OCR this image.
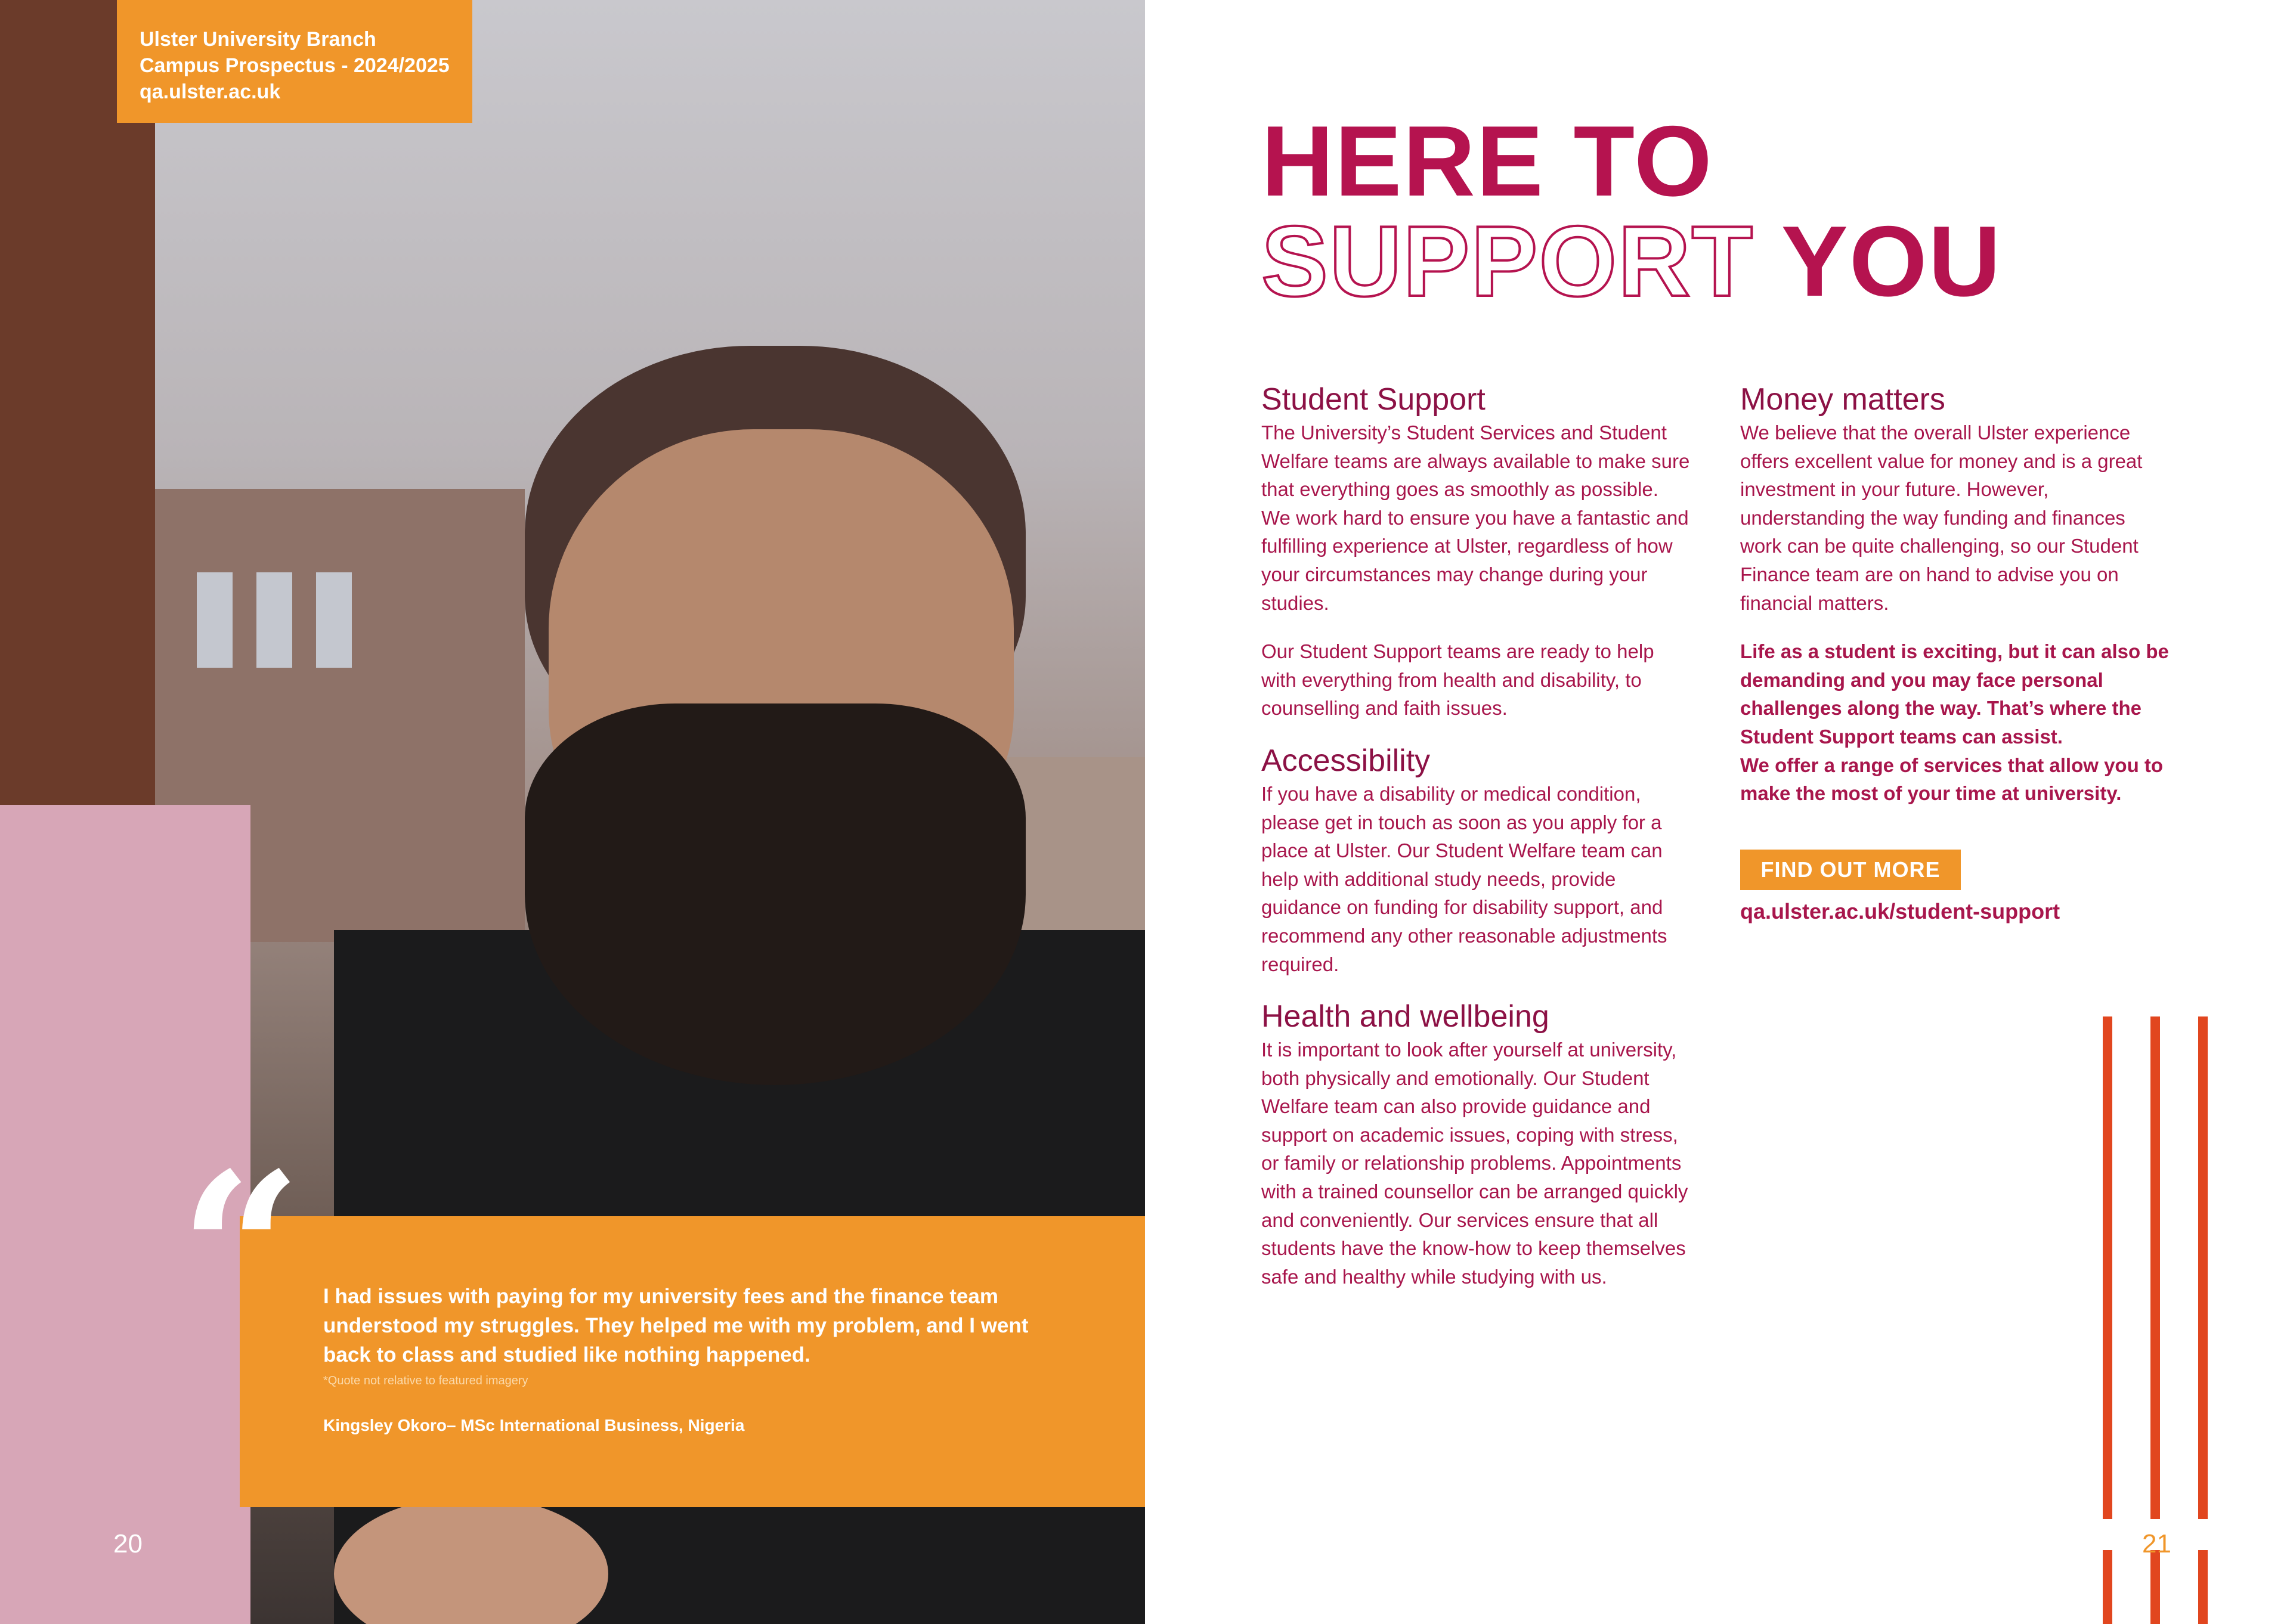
Ulster University Branch
Campus Prospectus - 2024/2025
qa.ulster.ac.uk
I had issues with paying for my university fees and the finance team understood my struggles. They helped me with my problem, and I went back to class and studied like nothing happened.
*Quote not relative to featured imagery
Kingsley Okoro– MSc International Business, Nigeria
“
20
HERE TO
SUPPORT YOU
Student Support

The University’s Student Services and Student Welfare teams are always available to make sure that everything goes as smoothly as possible. We work hard to ensure you have a fantastic and fulfilling experience at Ulster, regardless of how your circumstances may change during your studies.

Our Student Support teams are ready to help with everything from health and disability, to counselling and faith issues.

Accessibility

If you have a disability or medical condition, please get in touch as soon as you apply for a place at Ulster. Our Student Welfare team can help with additional study needs, provide guidance on funding for disability support, and recommend any other reasonable adjustments required.

Health and wellbeing

It is important to look after yourself at university, both physically and emotionally. Our Student Welfare team can also provide guidance and support on academic issues, coping with stress, or family or relationship problems. Appointments with a trained counsellor can be arranged quickly and conveniently. Our services ensure that all students have the know-how to keep themselves safe and healthy while studying with us.

Money matters

We believe that the overall Ulster experience offers excellent value for money and is a great investment in your future. However, understanding the way funding and finances work can be quite challenging, so our Student Finance team are on hand to advise you on financial matters.

Life as a student is exciting, but it can also be demanding and you may face personal challenges along the way. That’s where the Student Support teams can assist.

We offer a range of services that allow you to make the most of your time at university.

FIND OUT MORE
qa.ulster.ac.uk/student-support
21
